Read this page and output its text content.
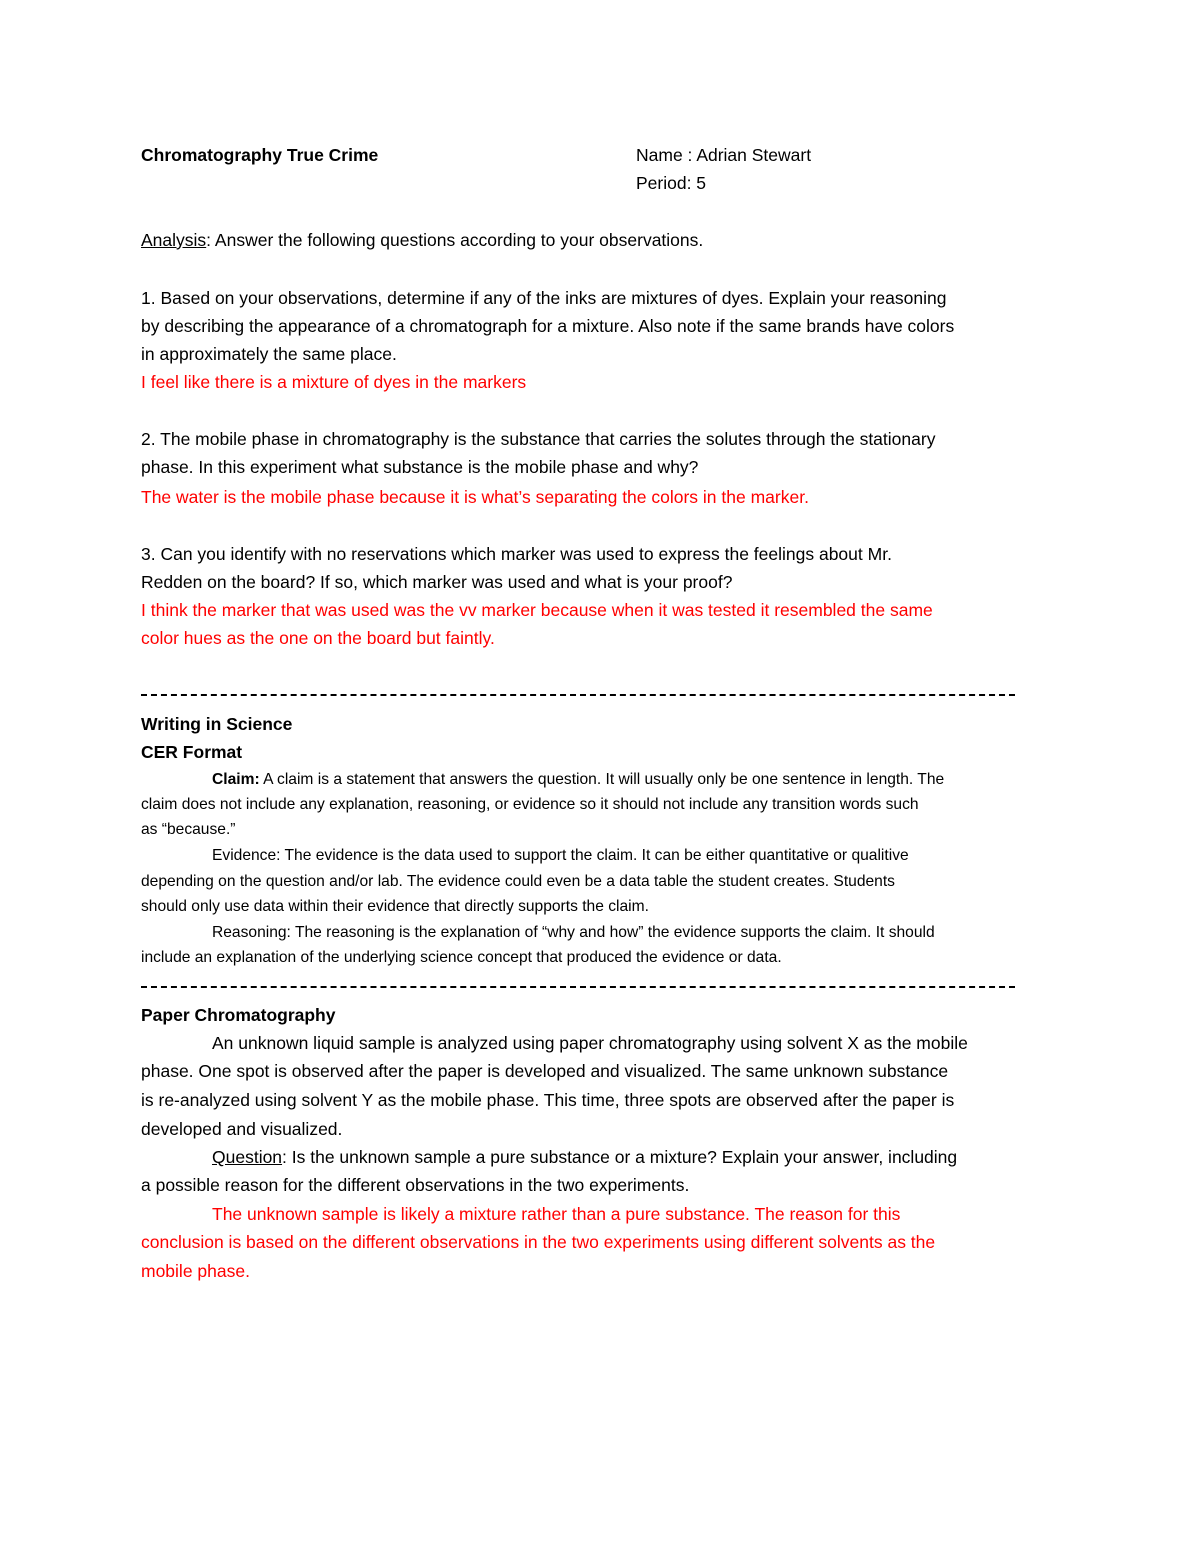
Chromatography True Crime	Name : Adrian Stewart
Period: 5
Analysis: Answer the following questions according to your observations.
1. Based on your observations, determine if any of the inks are mixtures of dyes. Explain your reasoning
by describing the appearance of a chromatograph for a mixture. Also note if the same brands have colors
in approximately the same place.
I feel like there is a mixture of dyes in the markers
2. The mobile phase in chromatography is the substance that carries the solutes through the stationary
phase. In this experiment what substance is the mobile phase and why?
The water is the mobile phase because it is what’s separating the colors in the marker.
3. Can you identify with no reservations which marker was used to express the feelings about Mr.
Redden on the board? If so, which marker was used and what is your proof?
I think the marker that was used was the vv marker because when it was tested it resembled the same
color hues as the one on the board but faintly.
Writing in Science
CER Format
Claim: A claim is a statement that answers the question. It will usually only be one sentence in length. The
claim does not include any explanation, reasoning, or evidence so it should not include any transition words such
as “because.”
Evidence: The evidence is the data used to support the claim. It can be either quantitative or qualitive
depending on the question and/or lab. The evidence could even be a data table the student creates. Students
should only use data within their evidence that directly supports the claim.
Reasoning: The reasoning is the explanation of “why and how” the evidence supports the claim. It should
include an explanation of the underlying science concept that produced the evidence or data.
Paper Chromatography
An unknown liquid sample is analyzed using paper chromatography using solvent X as the mobile
phase. One spot is observed after the paper is developed and visualized. The same unknown substance
is re-analyzed using solvent Y as the mobile phase. This time, three spots are observed after the paper is
developed and visualized.
Question: Is the unknown sample a pure substance or a mixture? Explain your answer, including
a possible reason for the different observations in the two experiments.
The unknown sample is likely a mixture rather than a pure substance. The reason for this
conclusion is based on the different observations in the two experiments using different solvents as the
mobile phase.
